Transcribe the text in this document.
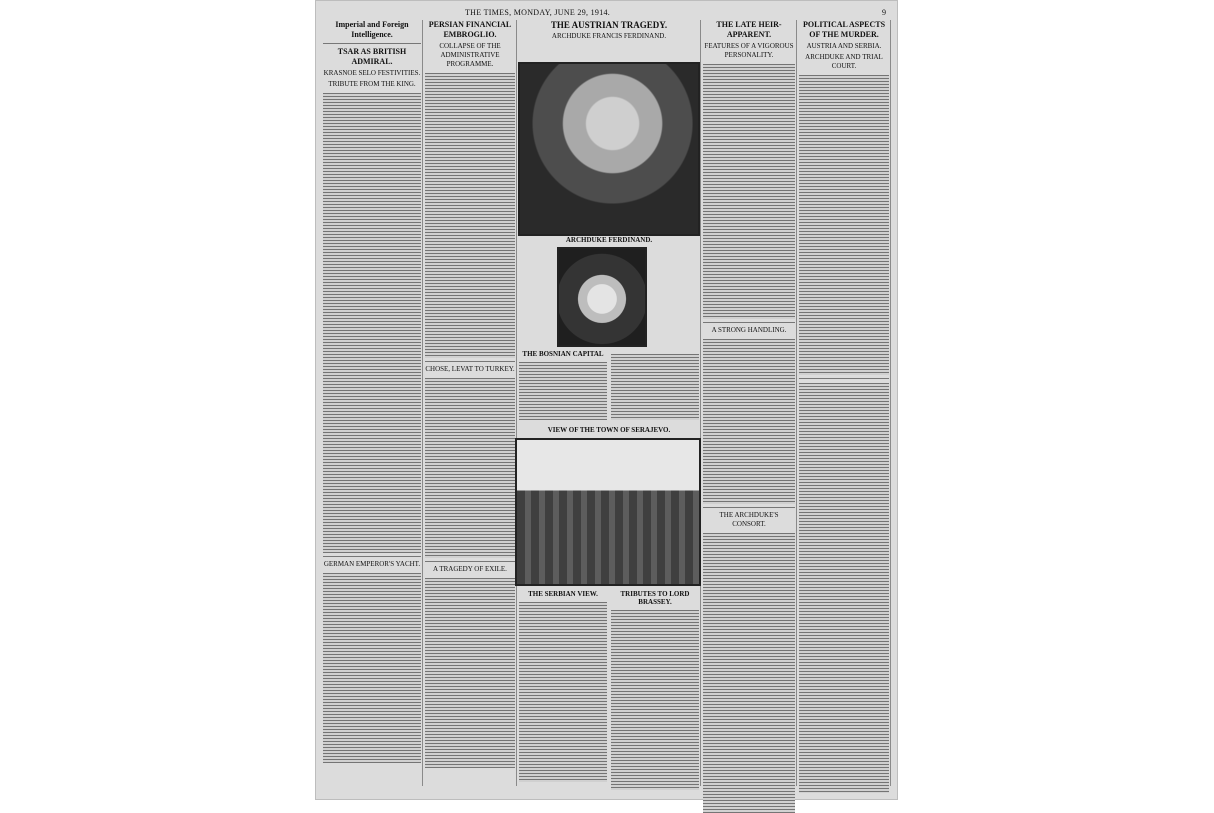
THE TIMES, MONDAY, JUNE 29, 1914.	9
Imperial and Foreign Intelligence.
TSAR AS BRITISH ADMIRAL.
KRASNOE SELO FESTIVITIES.
TRIBUTE FROM THE KING.
GERMAN EMPEROR'S YACHT.
PERSIAN FINANCIAL EMBROGLIO.
COLLAPSE OF THE ADMINISTRATIVE PROGRAMME.
CHOSE, LEVAT TO TURKEY.
A TRAGEDY OF EXILE.
THE AUSTRIAN TRAGEDY.
ARCHDUKE FRANCIS FERDINAND.
ARCHDUKE FERDINAND.
THE BOSNIAN CAPITAL
VIEW OF THE TOWN OF SERAJEVO.
THE SERBIAN VIEW.	TRIBUTES TO LORD BRASSEY.
THE LATE HEIR-APPARENT.
FEATURES OF A VIGOROUS PERSONALITY.
A STRONG HANDLING.
THE ARCHDUKE'S CONSORT.
POLITICAL ASPECTS OF THE MURDER.
AUSTRIA AND SERBIA.
ARCHDUKE AND TRIAL COURT.
